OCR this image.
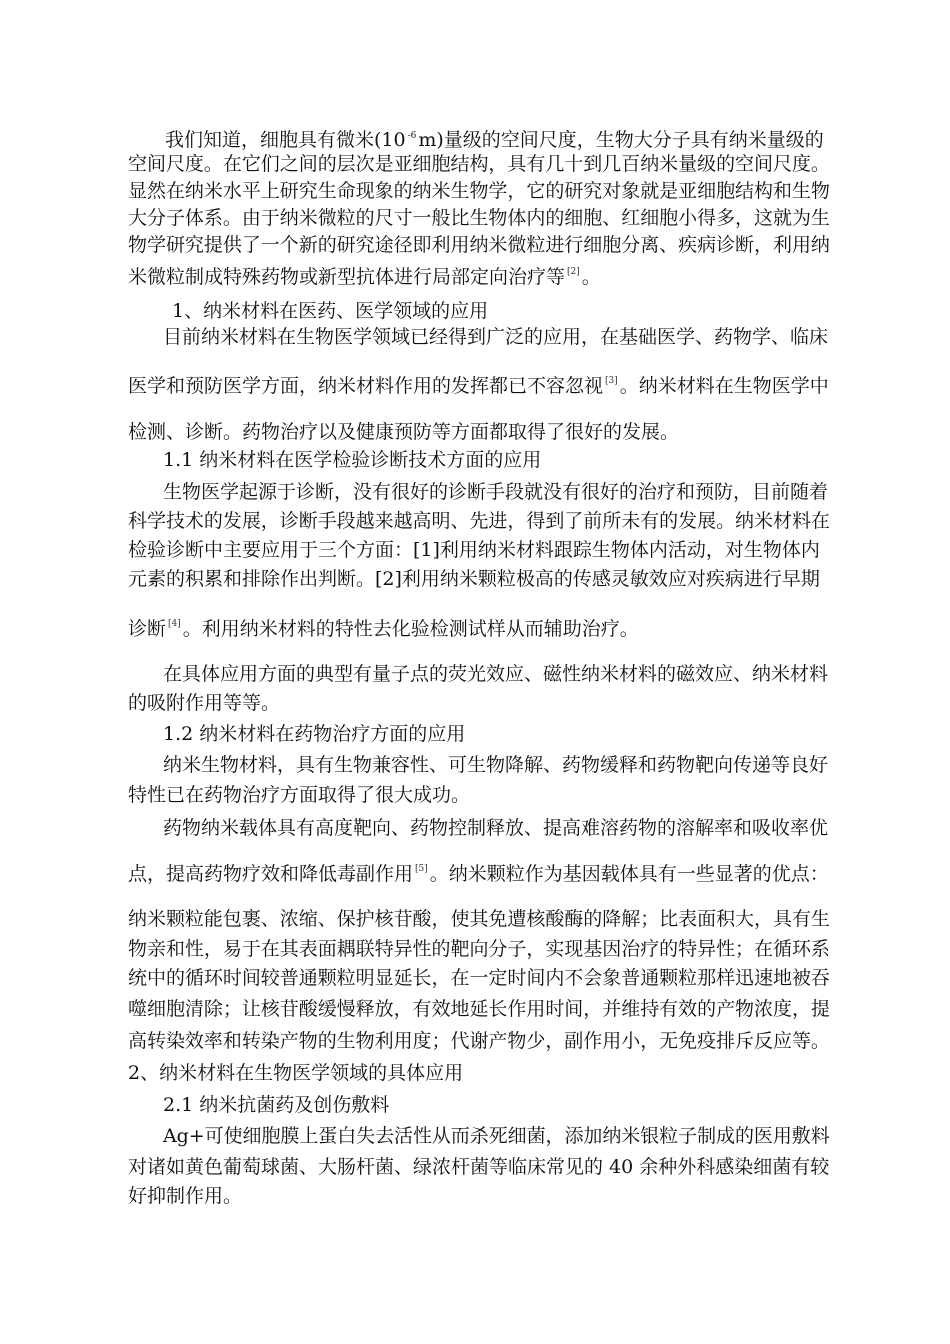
我们知道，细胞具有微米(10 $^{-6}$ m)量级的空间尺度，生物大分子具有纳米量级的
空间尺度。在它们之间的层次是亚细胞结构，具有几十到几百纳米量级的空间尺度。
显然在纳米水平上研究生命现象的纳米生物学，它的研究对象就是亚细胞结构和生物
大分子体系。由于纳米微粒的尺寸一般比生物体内的细胞、红细胞小得多，这就为生
物学研究提供了一个新的研究途径即利用纳米微粒进行细胞分离、疾病诊断，利用纳
米微粒制成特殊药物或新型抗体进行局部定向治疗等 [2] 。
1、纳米材料在医药、医学领域的应用
目前纳米材料在生物医学领域已经得到广泛的应用，在基础医学、药物学、临床
医学和预防医学方面，纳米材料作用的发挥都已不容忽视 [3] 。纳米材料在生物医学中
检测、诊断。药物治疗以及健康预防等方面都取得了很好的发展。
1.1 纳米材料在医学检验诊断技术方面的应用
生物医学起源于诊断，没有很好的诊断手段就没有很好的治疗和预防，目前随着
科学技术的发展，诊断手段越来越高明、先进，得到了前所未有的发展。纳米材料在
检验诊断中主要应用于三个方面：[1]利用纳米材料跟踪生物体内活动，对生物体内
元素的积累和排除作出判断。[2]利用纳米颗粒极高的传感灵敏效应对疾病进行早期
诊断 [4] 。利用纳米材料的特性去化验检测试样从而辅助治疗。
在具体应用方面的典型有量子点的荧光效应、磁性纳米材料的磁效应、纳米材料
的吸附作用等等。
1.2 纳米材料在药物治疗方面的应用
纳米生物材料，具有生物兼容性、可生物降解、药物缓释和药物靶向传递等良好
特性已在药物治疗方面取得了很大成功。
药物纳米载体具有高度靶向、药物控制释放、提高难溶药物的溶解率和吸收率优
点，提高药物疗效和降低毒副作用 [5] 。纳米颗粒作为基因载体具有一些显著的优点：
纳米颗粒能包裹、浓缩、保护核苷酸，使其免遭核酸酶的降解；比表面积大，具有生
物亲和性，易于在其表面耦联特异性的靶向分子，实现基因治疗的特异性；在循环系
统中的循环时间较普通颗粒明显延长，在一定时间内不会象普通颗粒那样迅速地被吞
噬细胞清除；让核苷酸缓慢释放，有效地延长作用时间，并维持有效的产物浓度，提
高转染效率和转染产物的生物利用度；代谢产物少，副作用小，无免疫排斥反应等。
2、纳米材料在生物医学领域的具体应用
2.1 纳米抗菌药及创伤敷料
Ag+可使细胞膜上蛋白失去活性从而杀死细菌，添加纳米银粒子制成的医用敷料
对诸如黄色葡萄球菌、大肠杆菌、绿浓杆菌等临床常见的 40 余种外科感染细菌有较
好抑制作用。
